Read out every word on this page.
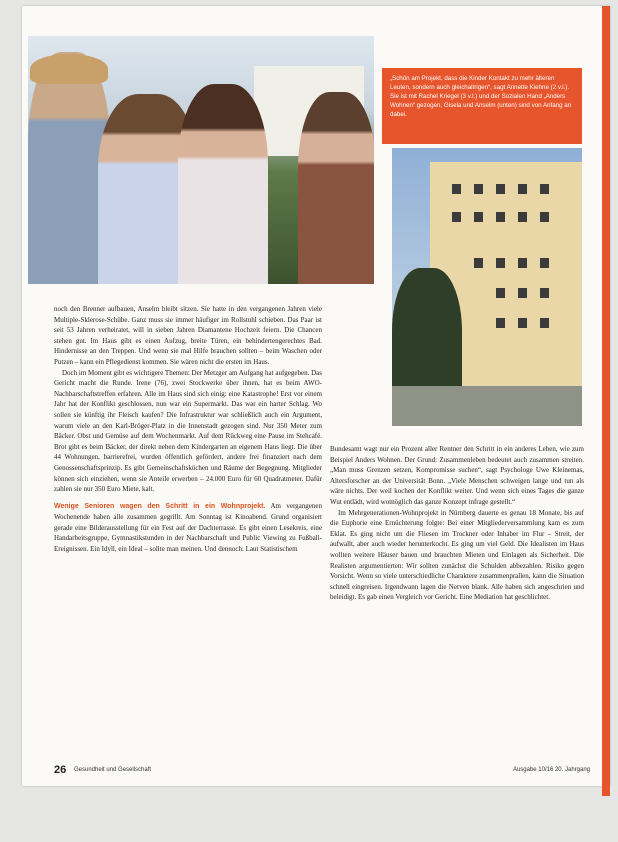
„Schön am Projekt, dass die Kinder Kontakt zu mehr älteren Leuten, sondern auch gleichaltrigen“, sagt Annette Kiehne (2 v.l.). Sie ist mit Rachel Kriegel (3 v.l.) und der Sozialen Hand „Anders Wohnen“ gezogen, Gisela und Anselm (unten) sind von Anfang an dabei.

noch den Brenner aufbauen, Anselm bleibt sitzen. Sie hatte in den vergangenen Jahren viele Multiple-Sklerose-Schübe. Ganz muss sie immer häufiger im Rollstuhl schieben. Das Paar ist seit 53 Jahren verheiratet, will in sieben Jahren Diamantene Hochzeit feiern. Die Chancen stehen gut. Im Haus gibt es einen Aufzug, breite Türen, ein behindertengerechtes Bad. Hindernisse an den Treppen. Und wenn sie mal Hilfe brauchen sollten – beim Waschen oder Putzen – kann ein Pflegedienst kommen. Sie wären nicht die ersten im Haus.

Doch im Moment gibt es wichtigere Themen: Der Metzger am Aufgang hat aufgegeben. Das Gericht macht die Runde. Irene (76), zwei Stockwerke über ihnen, hat es beim AWO-Nachbarschaftstreffen erfahren. Alle im Haus sind sich einig: eine Katastrophe! Erst vor einem Jahr hat der Konflikt geschlossen, nun war ein Supermarkt. Das war ein harter Schlag. Wo sollen sie künftig ihr Fleisch kaufen? Die Infrastruktur war schließlich auch ein Argument, warum viele an den Karl-Bröger-Platz in die Innenstadt gezogen sind. Nur 350 Meter zum Bäcker. Obst und Gemüse auf dem Wochenmarkt. Auf dem Rückweg eine Pause im Stehcafé. Brot gibt es beim Bäcker, der direkt neben dem Kindergarten an eigenem Haus liegt. Die über 44 Wohnungen, barrierefrei, wurden öffentlich gefördert, andere frei finanziert nach dem Genossenschaftsprinzip. Es gibt Gemeinschaftsküchen und Räume der Begegnung. Mitglieder können sich einziehen, wenn sie Anteile erwerben – 24.000 Euro für 60 Quadratmeter. Dafür zahlen sie nur 350 Euro Miete, kalt.

Wenige Senioren wagen den Schritt in ein Wohnprojekt. Am vergangenen Wochenende haben alle zusammen gegrillt. Am Sonntag ist Kinoabend. Grund organisiert gerade eine Bilderausstellung für ein Fest auf der Dachterrasse. Es gibt einen Lesekreis, eine Handarbeitsgruppe, Gymnastikstunden in der Nachbarschaft und Public Viewing zu Fußball-Ereignissen. Ein Idyll, ein Ideal – sollte man meinen. Und dennoch: Laut Statistischem

Bundesamt wagt nur ein Prozent aller Rentner den Schritt in ein anderes Leben, wie zum Beispiel Anders Wohnen. Der Grund: Zusammenleben bedeutet auch zusammen streiten. „Man muss Grenzen setzen, Kompromisse suchen“, sagt Psychologe Uwe Kleinemas, Altersforscher an der Universität Bonn. „Viele Menschen schweigen lange und tun als wäre nichts. Der weil kochen der Konflikt weiter. Und wenn sich eines Tages die ganze Wut entlädt, wird womöglich das ganze Konzept infrage gestellt.“

Im Mehrgenerationen-Wohnprojekt in Nürnberg dauerte es genau 18 Monate, bis auf die Euphorie eine Ernüchterung folgte: Bei einer Mitgliederversammlung kam es zum Eklat. Es ging nicht um die Fliesen im Trockner oder Inhaber im Flur – Streit, der aufwallt, aber auch wieder herunterkocht. Es ging um viel Geld. Die Idealisten im Haus wollten weitere Häuser bauen und brauchten Mieten und Einlagen als Sicherheit. Die Realisten argumentierten: Wir sollten zunächst die Schulden abbezahlen. Risiko gegen Vorsicht. Wenn so viele unterschiedliche Charaktere zusammenprallen, kann die Situation schnell eingreisen. Irgendwann lagen die Nerven blank. Alle haben sich angeschrien und beleidigt. Es gab einen Vergleich vor Gericht. Eine Mediation hat geschlichtet.

26 Gesundheit und Gesellschaft	Ausgabe 10/16 20. Jahrgang
